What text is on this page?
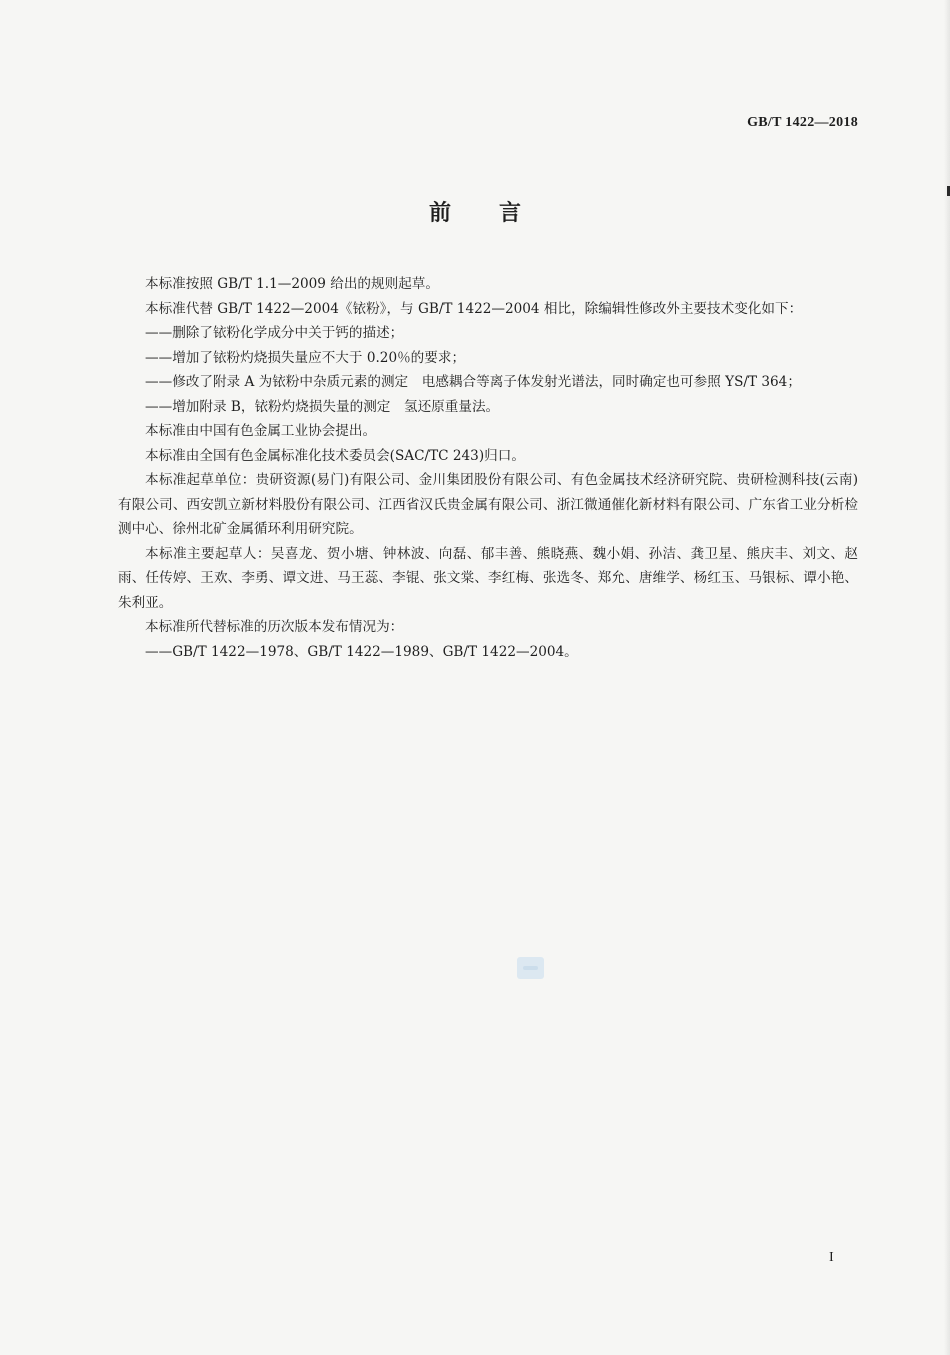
GB/T 1422—2018
前言

本标准按照 GB/T 1.1—2009 给出的规则起草。

本标准代替 GB/T 1422—2004《铱粉》，与 GB/T 1422—2004 相比，除编辑性修改外主要技术变化如下：

——删除了铱粉化学成分中关于钙的描述；

——增加了铱粉灼烧损失量应不大于 0.20％的要求；

——修改了附录 A 为铱粉中杂质元素的测定　电感耦合等离子体发射光谱法，同时确定也可参照 YS/T 364；

——增加附录 B，铱粉灼烧损失量的测定　氢还原重量法。

本标准由中国有色金属工业协会提出。

本标准由全国有色金属标准化技术委员会(SAC/TC 243)归口。

本标准起草单位：贵研资源(易门)有限公司、金川集团股份有限公司、有色金属技术经济研究院、贵研检测科技(云南)有限公司、西安凯立新材料股份有限公司、江西省汉氏贵金属有限公司、浙江微通催化新材料有限公司、广东省工业分析检测中心、徐州北矿金属循环利用研究院。

本标准主要起草人：吴喜龙、贺小塘、钟林波、向磊、郁丰善、熊晓燕、魏小娟、孙洁、龚卫星、熊庆丰、刘文、赵雨、任传婷、王欢、李勇、谭文进、马王蕊、李锟、张文棠、李红梅、张选冬、郑允、唐维学、杨红玉、马银标、谭小艳、朱利亚。

本标准所代替标准的历次版本发布情况为：

——GB/T 1422—1978、GB/T 1422—1989、GB/T 1422—2004。

I
